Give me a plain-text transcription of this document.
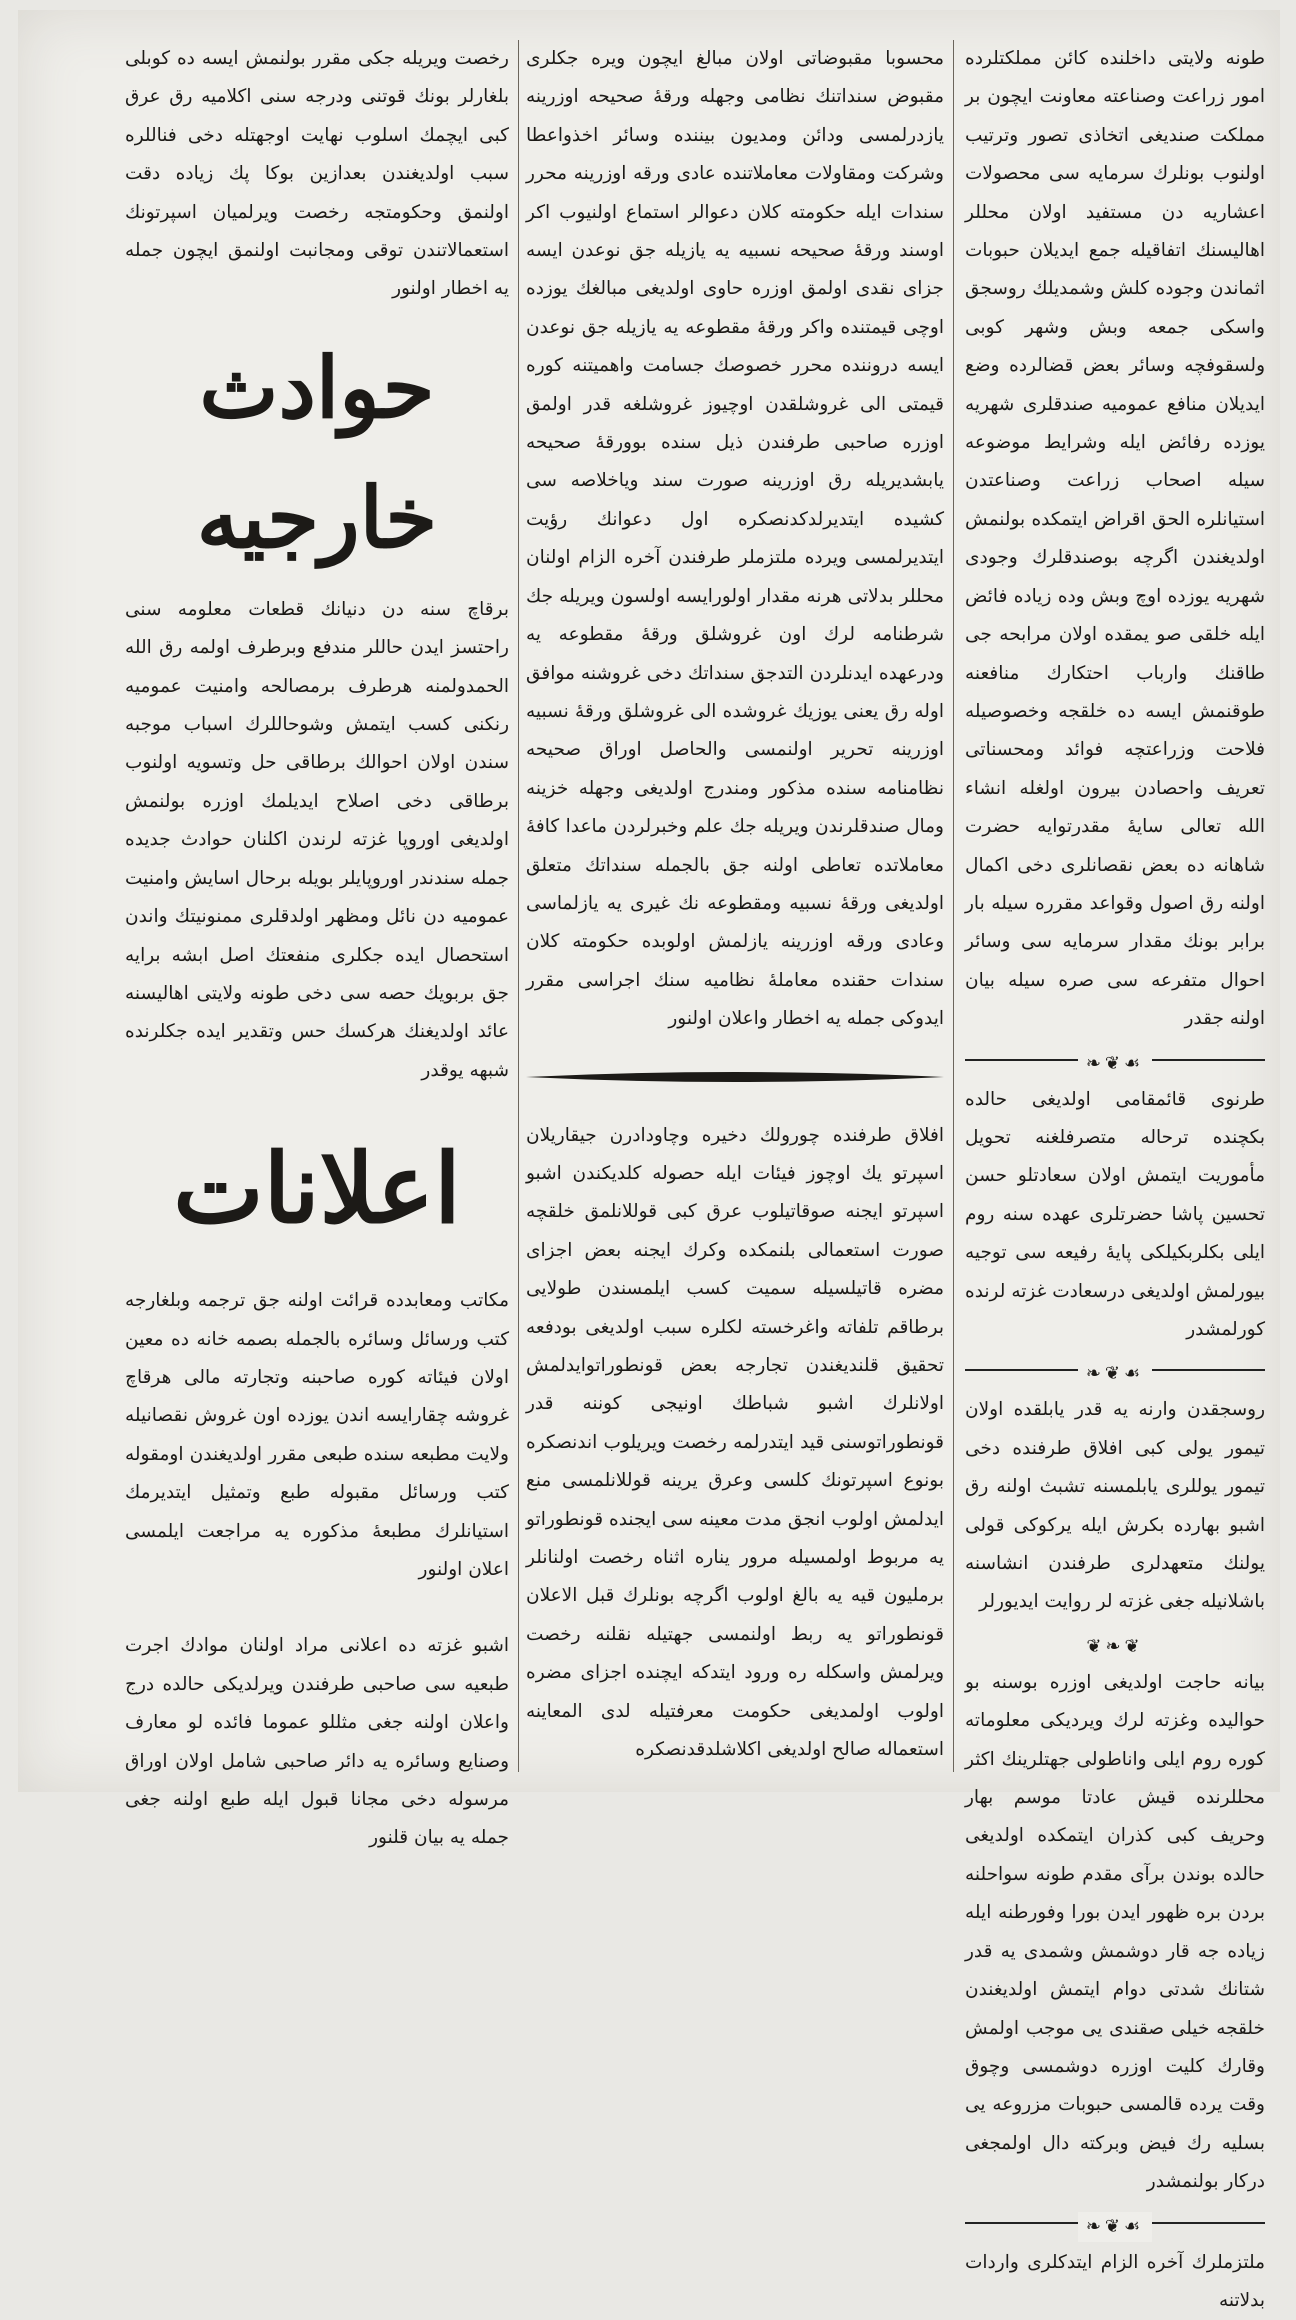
طونه ولايتى داخلنده كائن مملكتلرده امور زراعت وصناعته معاونت ايچون بر مملكت صنديغى اتخاذى تصور وترتيب اولنوب بونلرك سرمايه سى محصولات اعشاريه دن مستفيد اولان محللر اهاليسنك اتفاقيله جمع ايديلان حبوبات اثماندن وجوده كلش وشمديلك روسجق واسكى جمعه وبش وشهر كوبى ولسقوفچه وسائر بعض قضالرده وضع ايديلان منافع عموميه صندقلرى شهريه يوزده رفائض ايله وشرايط موضوعه سيله اصحاب زراعت وصناعتدن استيانلره الحق اقراض ايتمكده بولنمش اولديغندن اگرچه بوصندقلرك وجودى شهريه يوزده اوچ وبش وده زياده فائض ايله خلقى صو يمقده اولان مرابحه جى طاقنك وارباب احتكارك منافعنه طوقنمش ايسه ده خلقجه وخصوصيله فلاحت وزراعتچه فوائد ومحسناتى تعريف واحصادن بيرون اولغله انشاء الله تعالى سايهٔ مقدرتوايه حضرت شاهانه ده بعض نقصانلرى دخى اكمال اولنه رق اصول وقواعد مقرره سيله بار برابر بونك مقدار سرمايه سى وسائر احوال متفرعه سى صره سيله بيان اولنه جقدر

❧❦☙

طرنوى قائمقامى اولديغى حالده بكچنده ترحاله متصرفلغنه تحويل مأموريت ايتمش اولان سعادتلو حسن تحسين پاشا حضرتلرى عهده سنه روم ايلى بكلربكيلكى پايهٔ رفيعه سى توجيه بيورلمش اولديغى درسعادت غزته لرنده كورلمشدر

❧❦☙

روسجقدن وارنه يه قدر يابلقده اولان تيمور يولى كبى افلاق طرفنده دخى تيمور يوللرى يابلمسنه تشبث اولنه رق اشبو بهارده بكرش ايله يركوكى قولى يولنك متعهدلرى طرفندن انشاسنه باشلانيله جغى غزته لر روايت ايديورلر

❦❧❦

بيانه حاجت اولديغى اوزره بوسنه بو حواليده وغزته لرك ويرديكى معلوماته كوره روم ايلى واناطولى جهتلرينك اكثر محللرنده قيش عادتا موسم بهار وحريف كبى كذران ايتمكده اولديغى حالده بوندن برآى مقدم طونه سواحلنه بردن بره ظهور ايدن بورا وفورطنه ايله زياده جه قار دوشمش وشمدى يه قدر شتانك شدتى دوام ايتمش اولديغندن خلقجه خيلى صقندى يى موجب اولمش وقارك كليت اوزره دوشمسى وچوق وقت يرده قالمسى حبوبات مزروعه يى بسليه رك فيض وبركته دال اولمجغى دركار بولنمشدر

❧❦☙

ملتزملرك آخره الزام ايتدكلرى واردات بدلاتنه

محسوبا مقبوضاتى اولان مبالغ ايچون ويره جكلرى مقبوض سنداتنك نظامى وجهله ورقهٔ صحيحه اوزرينه يازدرلمسى ودائن ومديون بيننده وسائر اخذواعطا وشركت ومقاولات معاملاتنده عادى ورقه اوزرينه محرر سندات ايله حكومته كلان دعوالر استماع اولنيوب اكر اوسند ورقهٔ صحيحه نسبيه يه يازيله جق نوعدن ايسه جزاى نقدى اولمق اوزره حاوى اولديغى مبالغك يوزده اوچى قيمتنده واكر ورقهٔ مقطوعه يه يازيله جق نوعدن ايسه دروننده محرر خصوصك جسامت واهميتنه كوره قيمتى الى غروشلقدن اوچيوز غروشلغه قدر اولمق اوزره صاحبى طرفندن ذيل سنده بوورقهٔ صحيحه يابشديريله رق اوزرينه صورت سند وياخلاصه سى كشيده ايتديرلدكدنصكره اول دعوانك رؤيت ايتديرلمسى ويرده ملتزملر طرفندن آخره الزام اولنان محللر بدلاتى هرنه مقدار اولورايسه اولسون ويريله جك شرطنامه لرك اون غروشلق ورقهٔ مقطوعه يه ودرعهده ايدنلردن التدجق سنداتك دخى غروشنه موافق اوله رق يعنى يوزيك غروشده الى غروشلق ورقهٔ نسبيه اوزرينه تحرير اولنمسى والحاصل اوراق صحيحه نظامنامه سنده مذكور ومندرج اولديغى وجهله خزينه ومال صندقلرندن ويريله جك علم وخبرلردن ماعدا كافهٔ معاملاتده تعاطى اولنه جق بالجمله سنداتك متعلق اولديغى ورقهٔ نسبيه ومقطوعه نك غيرى يه يازلماسى وعادى ورقه اوزرينه يازلمش اولوبده حكومته كلان سندات حقنده معاملهٔ نظاميه سنك اجراسى مقرر ايدوكى جمله يه اخطار واعلان اولنور

افلاق طرفنده چورولك دخيره وچاودادرن جيقاريلان اسپرتو يك اوچوز فيئات ايله حصوله كلديكندن اشبو اسپرتو ايجنه صوقاتيلوب عرق كبى قوللانلمق خلقچه صورت استعمالى بلنمكده وكرك ايجنه بعض اجزاى مضره قاتيلسيله سميت كسب ايلمسندن طولايى برطاقم تلفاته واغرخسته لكلره سبب اولديغى بودفعه تحقيق قلنديغندن تجارجه بعض قونطوراتوايدلمش اولانلرك اشبو شباطك اونيجى كوننه قدر قونطوراتوسنى قيد ايتدرلمه رخصت ويريلوب اندنصكره بونوع اسپرتونك كلسى وعرق يرينه قوللانلمسى منع ايدلمش اولوب انجق مدت معينه سى ايجنده قونطوراتو يه مربوط اولمسيله مرور يناره اثناه رخصت اولنانلر برمليون قيه يه بالغ اولوب اگرچه بونلرك قبل الاعلان قونطوراتو يه ربط اولنمسى جهتيله نقلنه رخصت ويرلمش واسكله ره ورود ايتدكه ايچنده اجزاى مضره اولوب اولمديغى حكومت معرفتيله لدى المعاينه استعماله صالح اولديغى اكلاشلدقدنصكره

رخصت ويريله جكى مقرر بولنمش ايسه ده كوبلى بلغارلر بونك قوتنى ودرجه سنى اكلاميه رق عرق كبى ايچمك اسلوب نهايت اوجهتله دخى فناللره سبب اولديغندن بعدازين بوكا پك زياده دقت اولنمق وحكومتجه رخصت ويرلميان اسپرتونك استعمالاتندن توقى ومجانبت اولنمق ايچون جمله يه اخطار اولنور

حوادث خارجيه

برقاچ سنه دن دنيانك قطعات معلومه سنى راحتسز ايدن حاللر مندفع وبرطرف اولمه رق الله الحمدولمنه هرطرف برمصالحه وامنيت عموميه رنكنى كسب ايتمش وشوحاللرك اسباب موجبه سندن اولان احوالك برطاقى حل وتسويه اولنوب برطاقى دخى اصلاح ايديلمك اوزره بولنمش اولديغى اوروپا غزته لرندن اكلنان حوادث جديده جمله سندندر اوروپايلر بويله برحال اسايش وامنيت عموميه دن نائل ومظهر اولدقلرى ممنونيتك واندن استحصال ايده جكلرى منفعتك اصل ابشه برايه جق بربويك حصه سى دخى طونه ولايتى اهاليسنه عائد اولديغنك هركسك حس وتقدير ايده جكلرنده شبهه يوقدر

اعلانات

مكاتب ومعابدده قرائت اولنه جق ترجمه وبلغارجه كتب ورسائل وسائره بالجمله بصمه خانه ده معين اولان فيئاته كوره صاحبنه وتجارته مالى هرقاچ غروشه چقارايسه اندن يوزده اون غروش نقصانيله ولايت مطبعه سنده طبعى مقرر اولديغندن اومقوله كتب ورسائل مقبوله طبع وتمثيل ايتديرمك استيانلرك مطبعهٔ مذكوره يه مراجعت ايلمسى اعلان اولنور

اشبو غزته ده اعلانى مراد اولنان موادك اجرت طبعيه سى صاحبى طرفندن ويرلديكى حالده درج واعلان اولنه جغى مثللو عموما فائده لو معارف وصنايع وسائره يه دائر صاحبى شامل اولان اوراق مرسوله دخى مجانا قبول ايله طبع اولنه جغى جمله يه بيان قلنور
